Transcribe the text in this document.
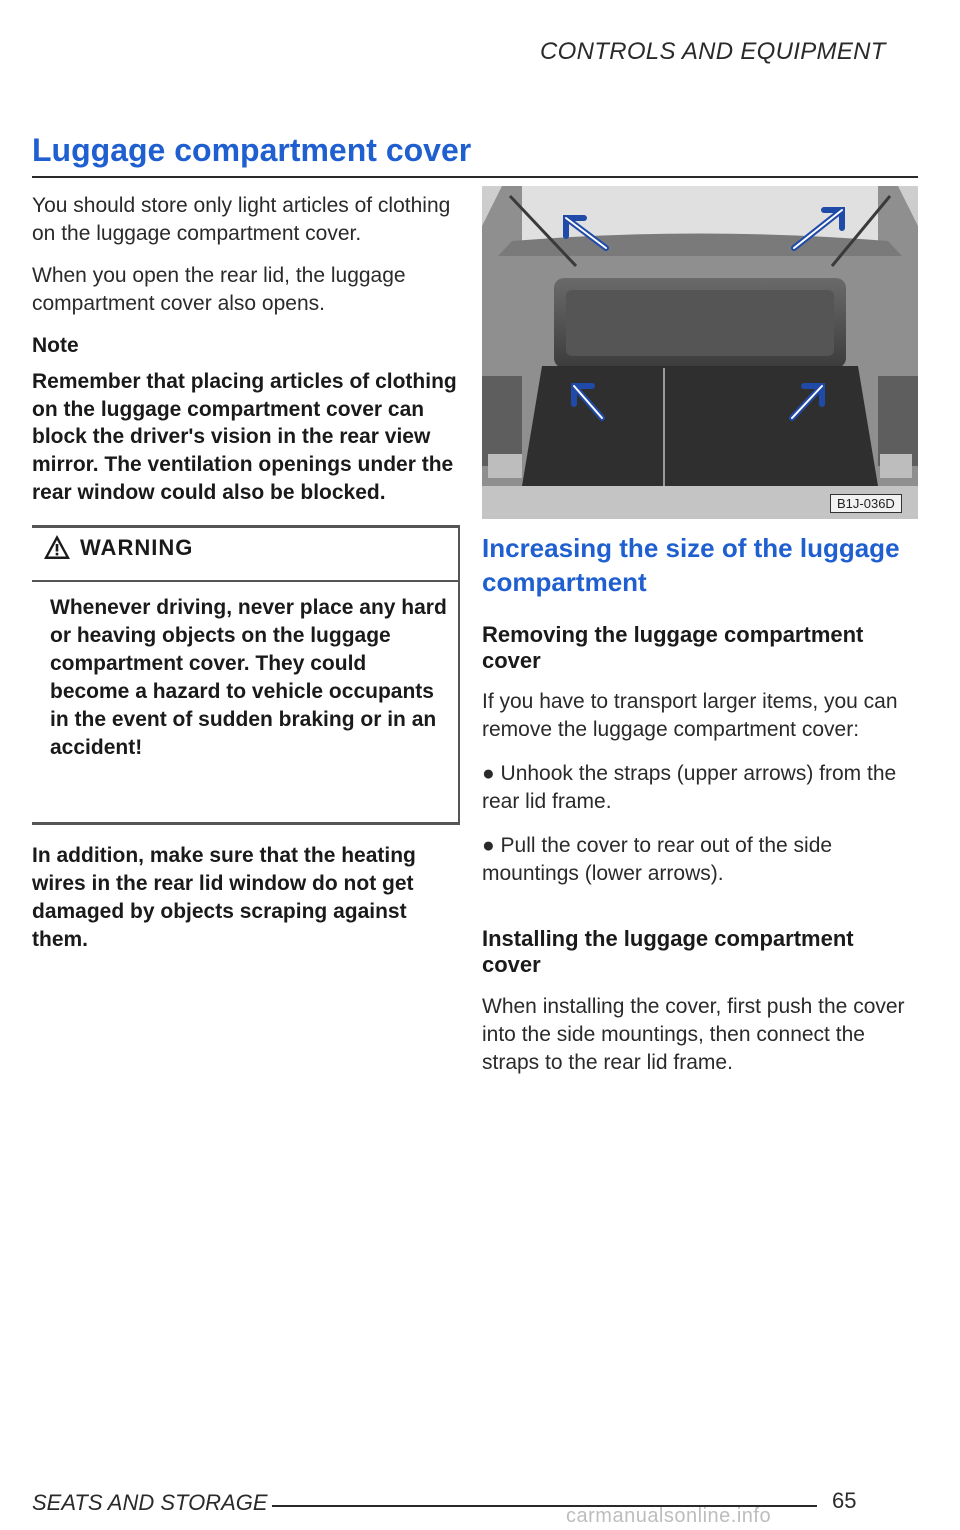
CONTROLS AND EQUIPMENT
Luggage compartment cover

You should store only light articles of clothing on the luggage compartment cover.

When you open the rear lid, the luggage compartment cover also opens.

Note

Remember that placing articles of clothing on the luggage compartment cover can block the driver's vision in the rear view mirror. The ventilation openings under the rear window could also be blocked.

WARNING

Whenever driving, never place any hard or heaving objects on the luggage compartment cover. They could become a hazard to vehicle occupants in the event of sudden braking or in an accident!

In addition, make sure that the heating wires in the rear lid window do not get damaged by objects scraping against them.

B1J-036D

Increasing the size of the luggage compartment

Removing the luggage compartment cover

If you have to transport larger items, you can remove the luggage compartment cover:

● Unhook the straps (upper arrows) from the rear lid frame.

● Pull the cover to rear out of the side mountings (lower arrows).

Installing the luggage compartment cover

When installing the cover, first push the cover into the side mountings, then connect the straps to the rear lid frame.

SEATS AND STORAGE	65
carmanualsonline.info
